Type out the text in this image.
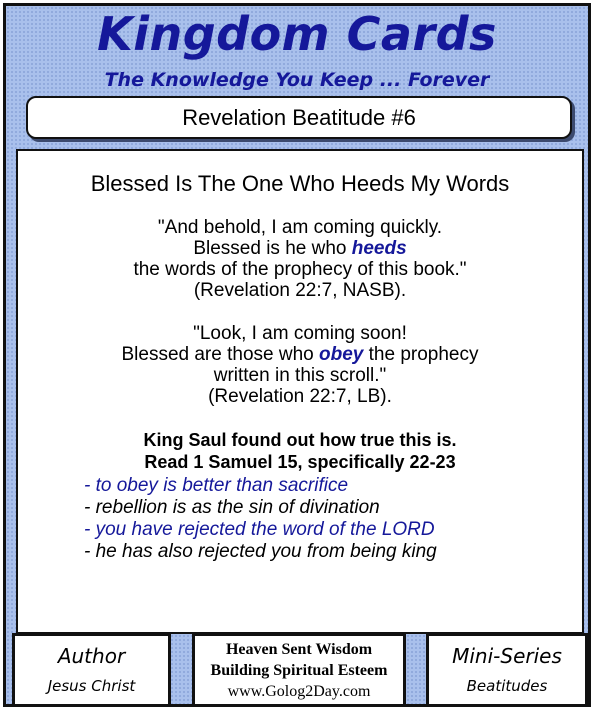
Kingdom Cards
The Knowledge You Keep ... Forever
Revelation Beatitude #6
Blessed Is The One Who Heeds My Words
"And behold, I am coming quickly.
Blessed is he who heeds
the words of the prophecy of this book."
(Revelation 22:7, NASB).
"Look, I am coming soon!
Blessed are those who obey the prophecy
written in this scroll."
(Revelation 22:7, LB).
King Saul found out how true this is.
Read 1 Samuel 15, specifically 22-23
- to obey is better than sacrifice
- rebellion is as the sin of divination
- you have rejected the word of the LORD
- he has also rejected you from being king
Author
Jesus Christ
Heaven Sent Wisdom
Building Spiritual Esteem
www.Golog2Day.com
Mini-Series
Beatitudes
